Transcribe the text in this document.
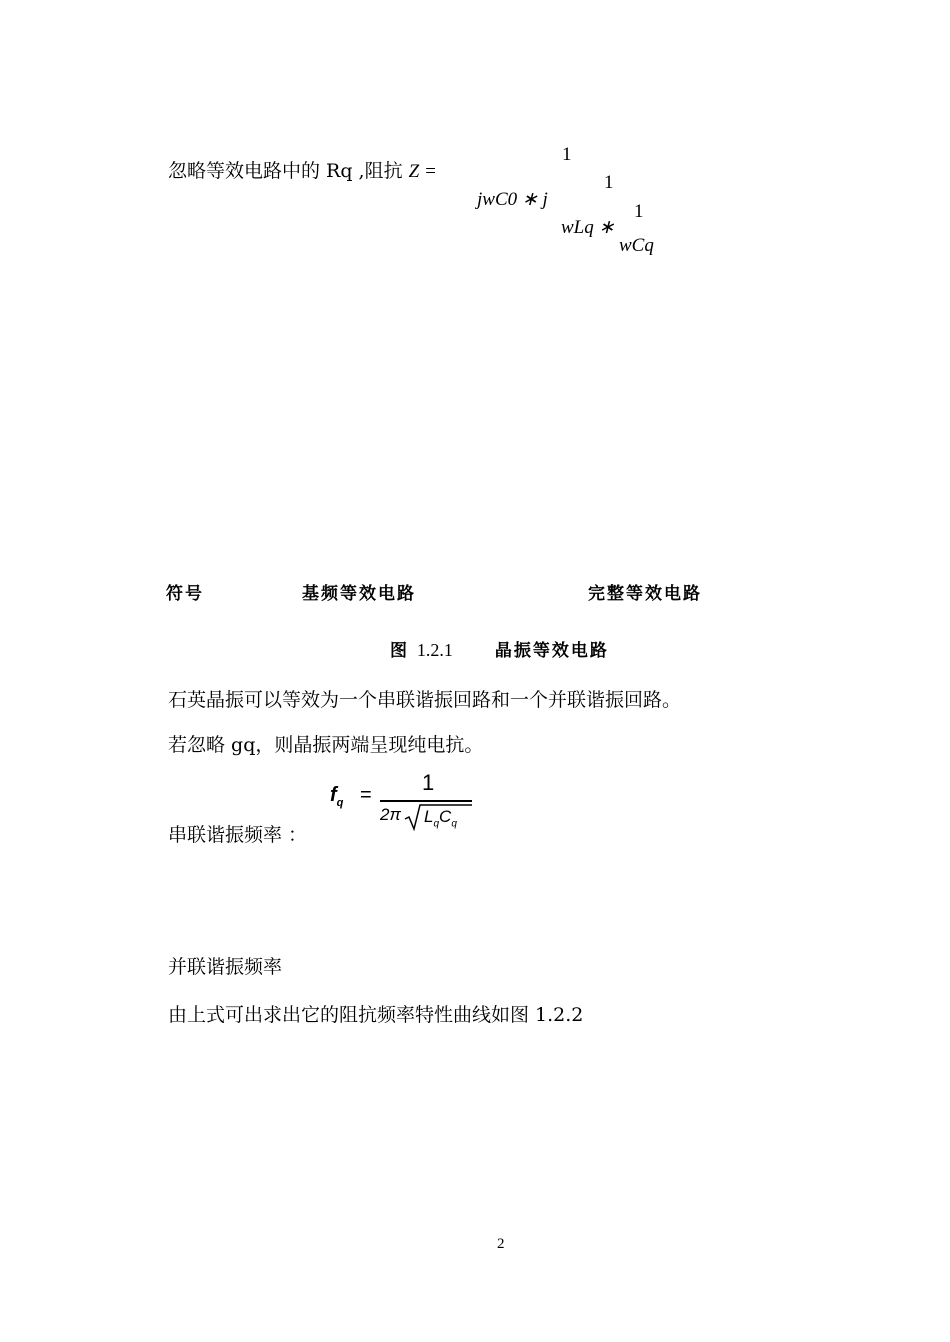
忽略等效电路中的 Rq ,阻抗 Z =
1
jwC0 ∗ j
1
wLq ∗
1
wCq
符号	基频等效电路	完整等效电路
图 1.2.1 晶振等效电路
石英晶振可以等效为一个串联谐振回路和一个并联谐振回路。
若忽略 gq，则晶振两端呈现纯电抗。
串联谐振频率 ：
$f_q = 1$
2π $L_qC_q$
并联谐振频率
由上式可出求出它的阻抗频率特性曲线如图 1.2.2
2
